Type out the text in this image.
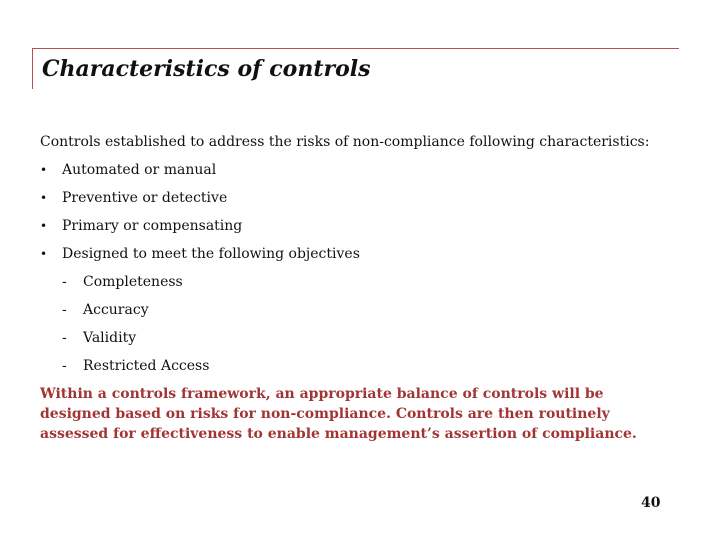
Characteristics of controls
Controls established to address the risks of non-compliance following characteristics:
• Automated or manual
• Preventive or detective
• Primary or compensating
• Designed to meet the following objectives
- Completeness
- Accuracy
- Validity
- Restricted Access
Within a controls framework, an appropriate balance of controls will be
designed based on risks for non-compliance. Controls are then routinely
assessed for effectiveness to enable management’s assertion of compliance.
40
